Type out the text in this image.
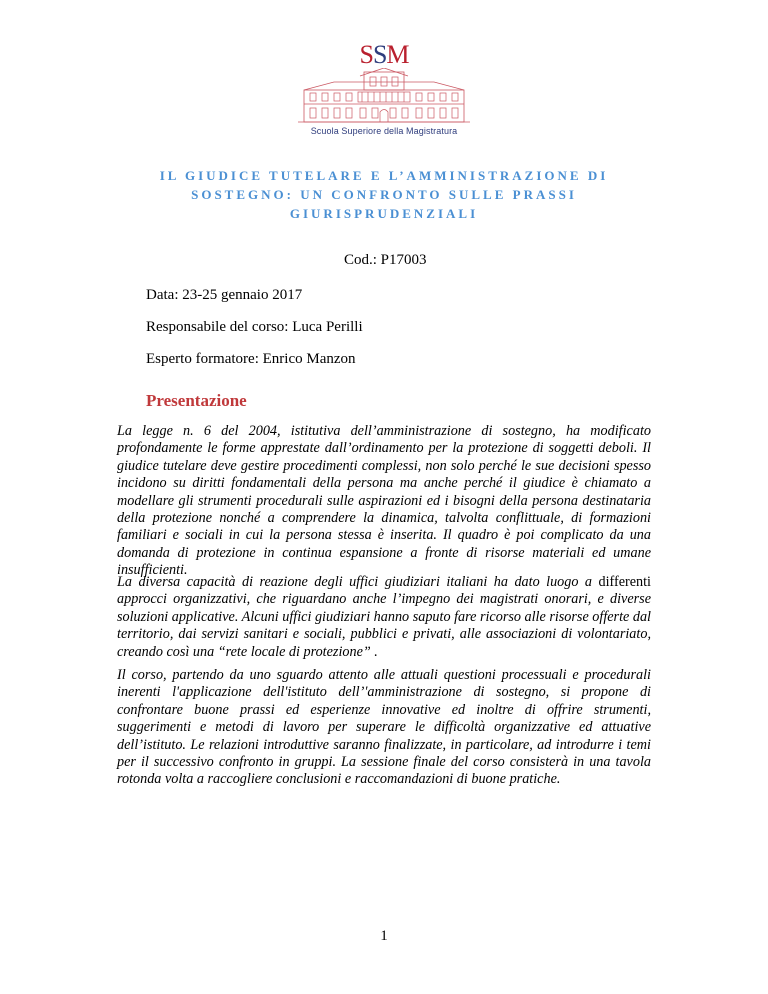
SSM
Scuola Superiore della Magistratura
IL GIUDICE TUTELARE E L’AMMINISTRAZIONE DI
SOSTEGNO: UN CONFRONTO SULLE PRASSI
GIURISPRUDENZIALI
Cod.: P17003
Data: 23-25 gennaio 2017
Responsabile del corso: Luca Perilli
Esperto formatore: Enrico Manzon
Presentazione
La legge n. 6 del 2004, istitutiva dell’amministrazione di sostegno, ha modificato profondamente le forme apprestate dall’ordinamento per la protezione di soggetti deboli. Il giudice tutelare deve gestire procedimenti complessi, non solo perché le sue decisioni spesso incidono su diritti fondamentali della persona ma anche perché il giudice è chiamato a modellare gli strumenti procedurali sulle aspirazioni ed i bisogni della persona destinataria della protezione nonché a comprendere la dinamica, talvolta conflittuale, di formazioni familiari e sociali in cui la persona stessa è inserita. Il quadro è poi complicato da una domanda di protezione in continua espansione a fronte di risorse materiali ed umane insufficienti.
La diversa capacità di reazione degli uffici giudiziari italiani ha dato luogo a differenti approcci organizzativi, che riguardano anche l’impegno dei magistrati onorari, e diverse soluzioni applicative. Alcuni uffici giudiziari hanno saputo fare ricorso alle risorse offerte dal territorio, dai servizi sanitari e sociali, pubblici e privati, alle associazioni di volontariato, creando così una “rete locale di protezione” .
Il corso, partendo da uno sguardo attento alle attuali questioni processuali e procedurali inerenti l'applicazione dell'istituto dell’'amministrazione di sostegno, si propone di confrontare buone prassi ed esperienze innovative ed inoltre di offrire strumenti, suggerimenti e metodi di lavoro per superare le difficoltà organizzative ed attuative dell’istituto. Le relazioni introduttive saranno finalizzate, in particolare, ad introdurre i temi per il successivo confronto in gruppi. La sessione finale del corso consisterà in una tavola rotonda volta a raccogliere conclusioni e raccomandazioni di buone pratiche.
1
